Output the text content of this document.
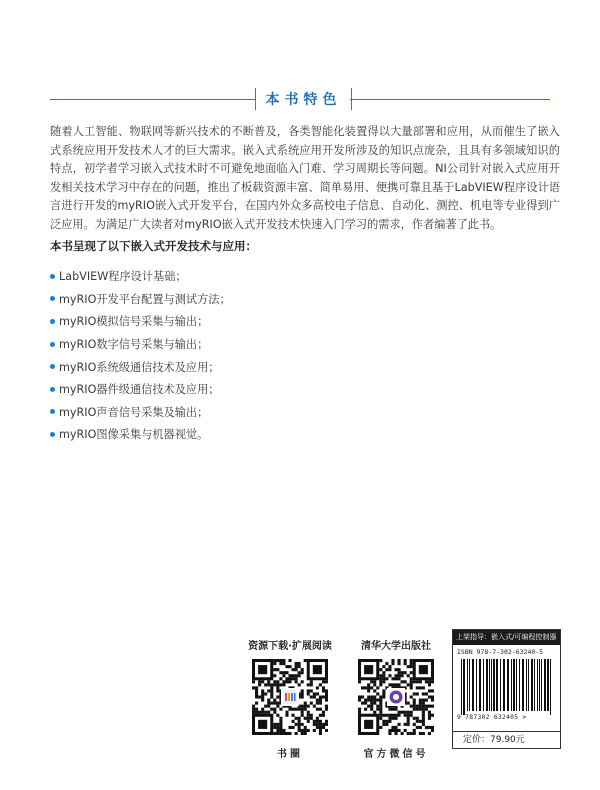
本书特色

随着人工智能、物联网等新兴技术的不断普及，各类智能化装置得以大量部署和应用，从而催生了嵌入式系统应用开发技术人才的巨大需求。嵌入式系统应用开发所涉及的知识点庞杂，且具有多领域知识的特点，初学者学习嵌入式技术时不可避免地面临入门难、学习周期长等问题。NI公司针对嵌入式应用开发相关技术学习中存在的问题，推出了板载资源丰富、简单易用、便携可靠且基于LabVIEW程序设计语言进行开发的myRIO嵌入式开发平台，在国内外众多高校电子信息、自动化、测控、机电等专业得到广泛应用。为满足广大读者对myRIO嵌入式开发技术快速入门学习的需求，作者编著了此书。

本书呈现了以下嵌入式开发技术与应用：
LabVIEW程序设计基础；
myRIO开发平台配置与测试方法；
myRIO模拟信号采集与输出；
myRIO数字信号采集与输出；
myRIO系统级通信技术及应用；
myRIO器件级通信技术及应用；
myRIO声音信号采集及输出；
myRIO图像采集与机器视觉。
资源下载·扩展阅读
书圈
清华大学出版社
官方微信号
上架指导：嵌入式/可编程控制器
ISBN 978-7-302-63240-5
9 787302 632405 >
定价：79.90元
